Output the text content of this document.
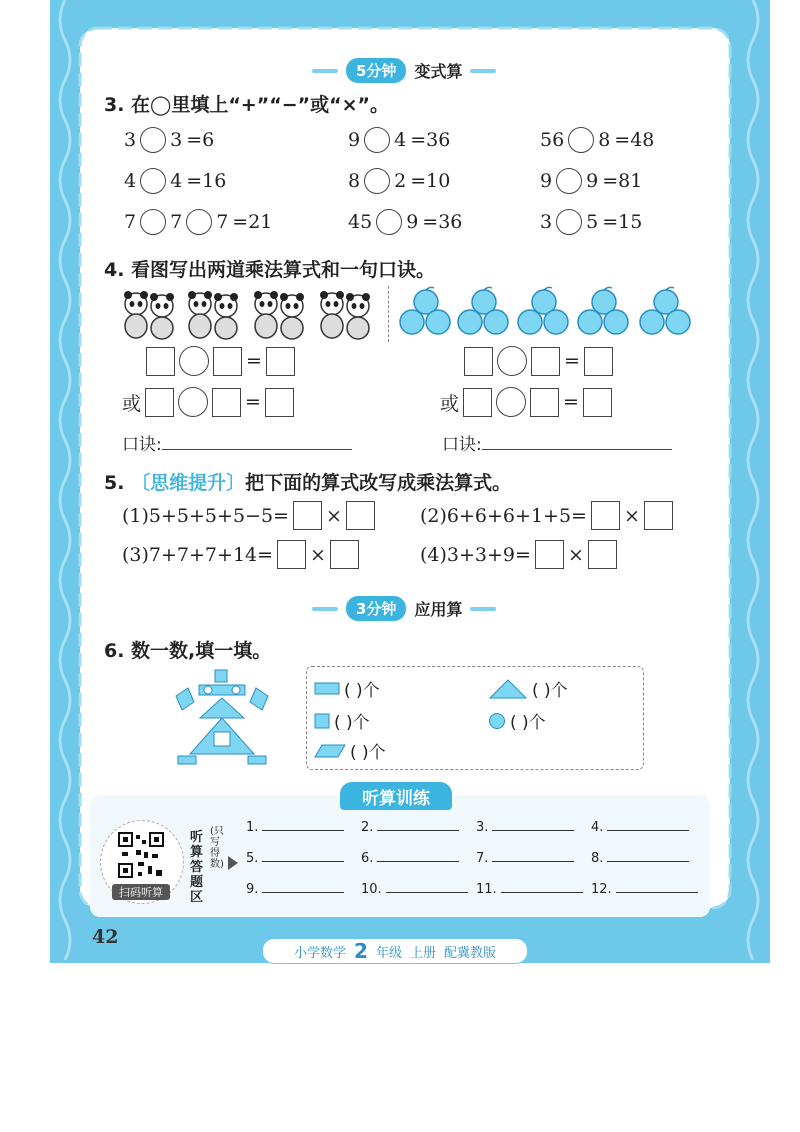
5分钟	变式算
3. 在◯里填上“+”“−”或“×”。
3 3 =6	9 4 =36	56 8 =48
4 4 =16	8 2 =10	9 9 =81
7 7 7 =21	45 9 =36	3 5 =15
4. 看图写出两道乘法算式和一句口诀。
=
或	=
口诀:
=
或	=
口诀:
5. 〔思维提升〕把下面的算式改写成乘法算式。
(1)5+5+5+5−5= ×	(2)6+6+6+1+5= ×
(3)7+7+7+14= ×	(4)3+3+9= ×
3分钟	应用算
6. 数一数,填一填。
( )个	( )个
( )个	( )个
( )个
听算训练
扫码听算
听算答题区
(只写得数)
1.	2.	3.	4.
5.	6.	7.	8.
9.	10.	11.	12.
42
小学数学 2 年级 上册 配冀教版
